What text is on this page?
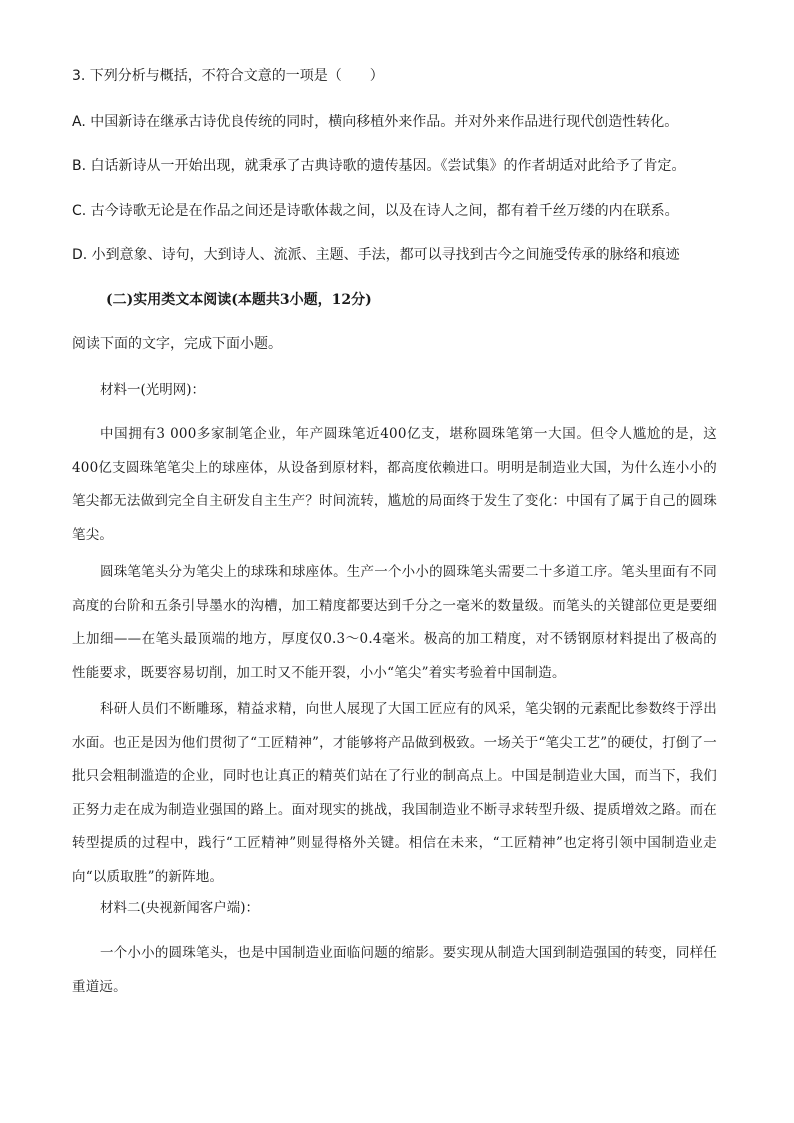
3. 下列分析与概括，不符合文意的一项是（　　）
A. 中国新诗在继承古诗优良传统的同时，横向移植外来作品。并对外来作品进行现代创造性转化。
B. 白话新诗从一开始出现，就秉承了古典诗歌的遗传基因。《尝试集》的作者胡适对此给予了肯定。
C. 古今诗歌无论是在作品之间还是诗歌体裁之间，以及在诗人之间，都有着千丝万缕的内在联系。
D. 小到意象、诗句，大到诗人、流派、主题、手法，都可以寻找到古今之间施受传承的脉络和痕迹
(二)实用类文本阅读(本题共3小题，12分)
阅读下面的文字，完成下面小题。
材料一(光明网)：
中国拥有3 000多家制笔企业，年产圆珠笔近400亿支，堪称圆珠笔第一大国。但令人尴尬的是，这400亿支圆珠笔笔尖上的球座体，从设备到原材料，都高度依赖进口。明明是制造业大国，为什么连小小的笔尖都无法做到完全自主研发自主生产？时间流转，尴尬的局面终于发生了变化：中国有了属于自己的圆珠笔尖。
圆珠笔笔头分为笔尖上的球珠和球座体。生产一个小小的圆珠笔头需要二十多道工序。笔头里面有不同高度的台阶和五条引导墨水的沟槽，加工精度都要达到千分之一毫米的数量级。而笔头的关键部位更是要细上加细——在笔头最顶端的地方，厚度仅0.3～0.4毫米。极高的加工精度，对不锈钢原材料提出了极高的性能要求，既要容易切削，加工时又不能开裂，小小“笔尖”着实考验着中国制造。
科研人员们不断雕琢，精益求精，向世人展现了大国工匠应有的风采，笔尖钢的元素配比参数终于浮出水面。也正是因为他们贯彻了“工匠精神”，才能够将产品做到极致。一场关于“笔尖工艺”的硬仗，打倒了一批只会粗制滥造的企业，同时也让真正的精英们站在了行业的制高点上。中国是制造业大国，而当下，我们正努力走在成为制造业强国的路上。面对现实的挑战，我国制造业不断寻求转型升级、提质增效之路。而在转型提质的过程中，践行“工匠精神”则显得格外关键。相信在未来，“工匠精神”也定将引领中国制造业走向“以质取胜”的新阵地。
材料二(央视新闻客户端)：
一个小小的圆珠笔头，也是中国制造业面临问题的缩影。要实现从制造大国到制造强国的转变，同样任重道远。
